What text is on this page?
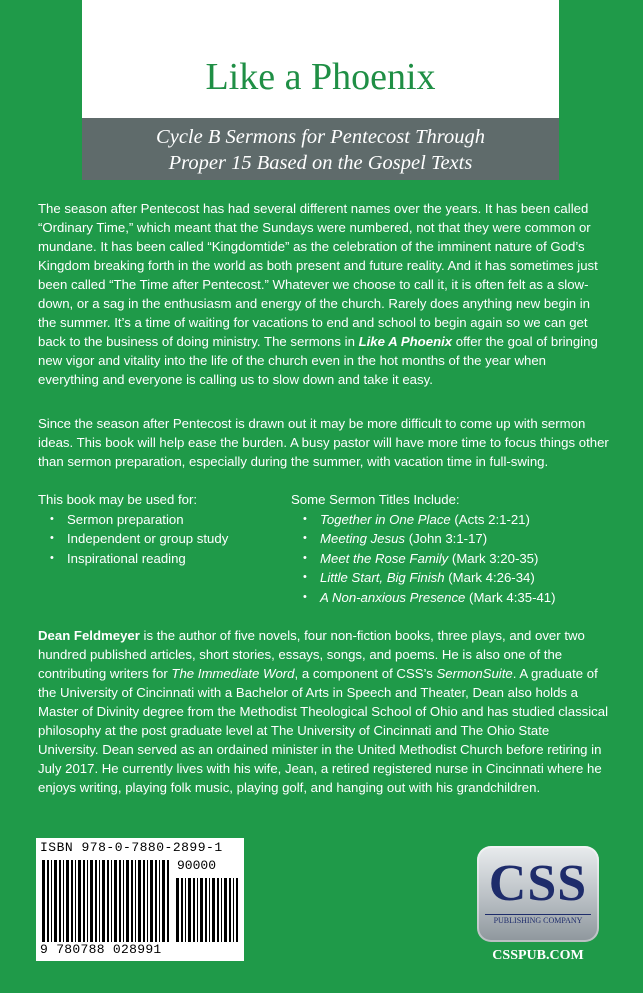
Like a Phoenix
Cycle B Sermons for Pentecost Through
Proper 15 Based on the Gospel Texts

The season after Pentecost has had several different names over the years. It has been called “Ordinary Time,” which meant that the Sundays were numbered, not that they were common or mundane. It has been called “Kingdomtide” as the celebration of the imminent nature of God’s Kingdom breaking forth in the world as both present and future reality. And it has sometimes just been called “The Time after Pentecost.” Whatever we choose to call it, it is often felt as a slow-down, or a sag in the enthusiasm and energy of the church. Rarely does anything new begin in the summer. It’s a time of waiting for vacations to end and school to begin again so we can get back to the business of doing ministry. The sermons in Like A Phoenix offer the goal of bringing new vigor and vitality into the life of the church even in the hot months of the year when everything and everyone is calling us to slow down and take it easy.

Since the season after Pentecost is drawn out it may be more difficult to come up with sermon ideas. This book will help ease the burden. A busy pastor will have more time to focus things other than sermon preparation, especially during the summer, with vacation time in full-swing.

This book may be used for:
• Sermon preparation
• Independent or group study
• Inspirational reading
Some Sermon Titles Include:
• Together in One Place (Acts 2:1-21)
• Meeting Jesus (John 3:1-17)
• Meet the Rose Family (Mark 3:20-35)
• Little Start, Big Finish (Mark 4:26-34)
• A Non-anxious Presence (Mark 4:35-41)

Dean Feldmeyer is the author of five novels, four non-fiction books, three plays, and over two hundred published articles, short stories, essays, songs, and poems. He is also one of the contributing writers for The Immediate Word, a component of CSS’s SermonSuite. A graduate of the University of Cincinnati with a Bachelor of Arts in Speech and Theater, Dean also holds a Master of Divinity degree from the Methodist Theological School of Ohio and has studied classical philosophy at the post graduate level at The University of Cincinnati and The Ohio State University. Dean served as an ordained minister in the United Methodist Church before retiring in July 2017. He currently lives with his wife, Jean, a retired registered nurse in Cincinnati where he enjoys writing, playing folk music, playing golf, and hanging out with his grandchildren.

ISBN 978-0-7880-2899-1
90000
9 780788 028991
CSS
PUBLISHING COMPANY
CSSPUB.COM
